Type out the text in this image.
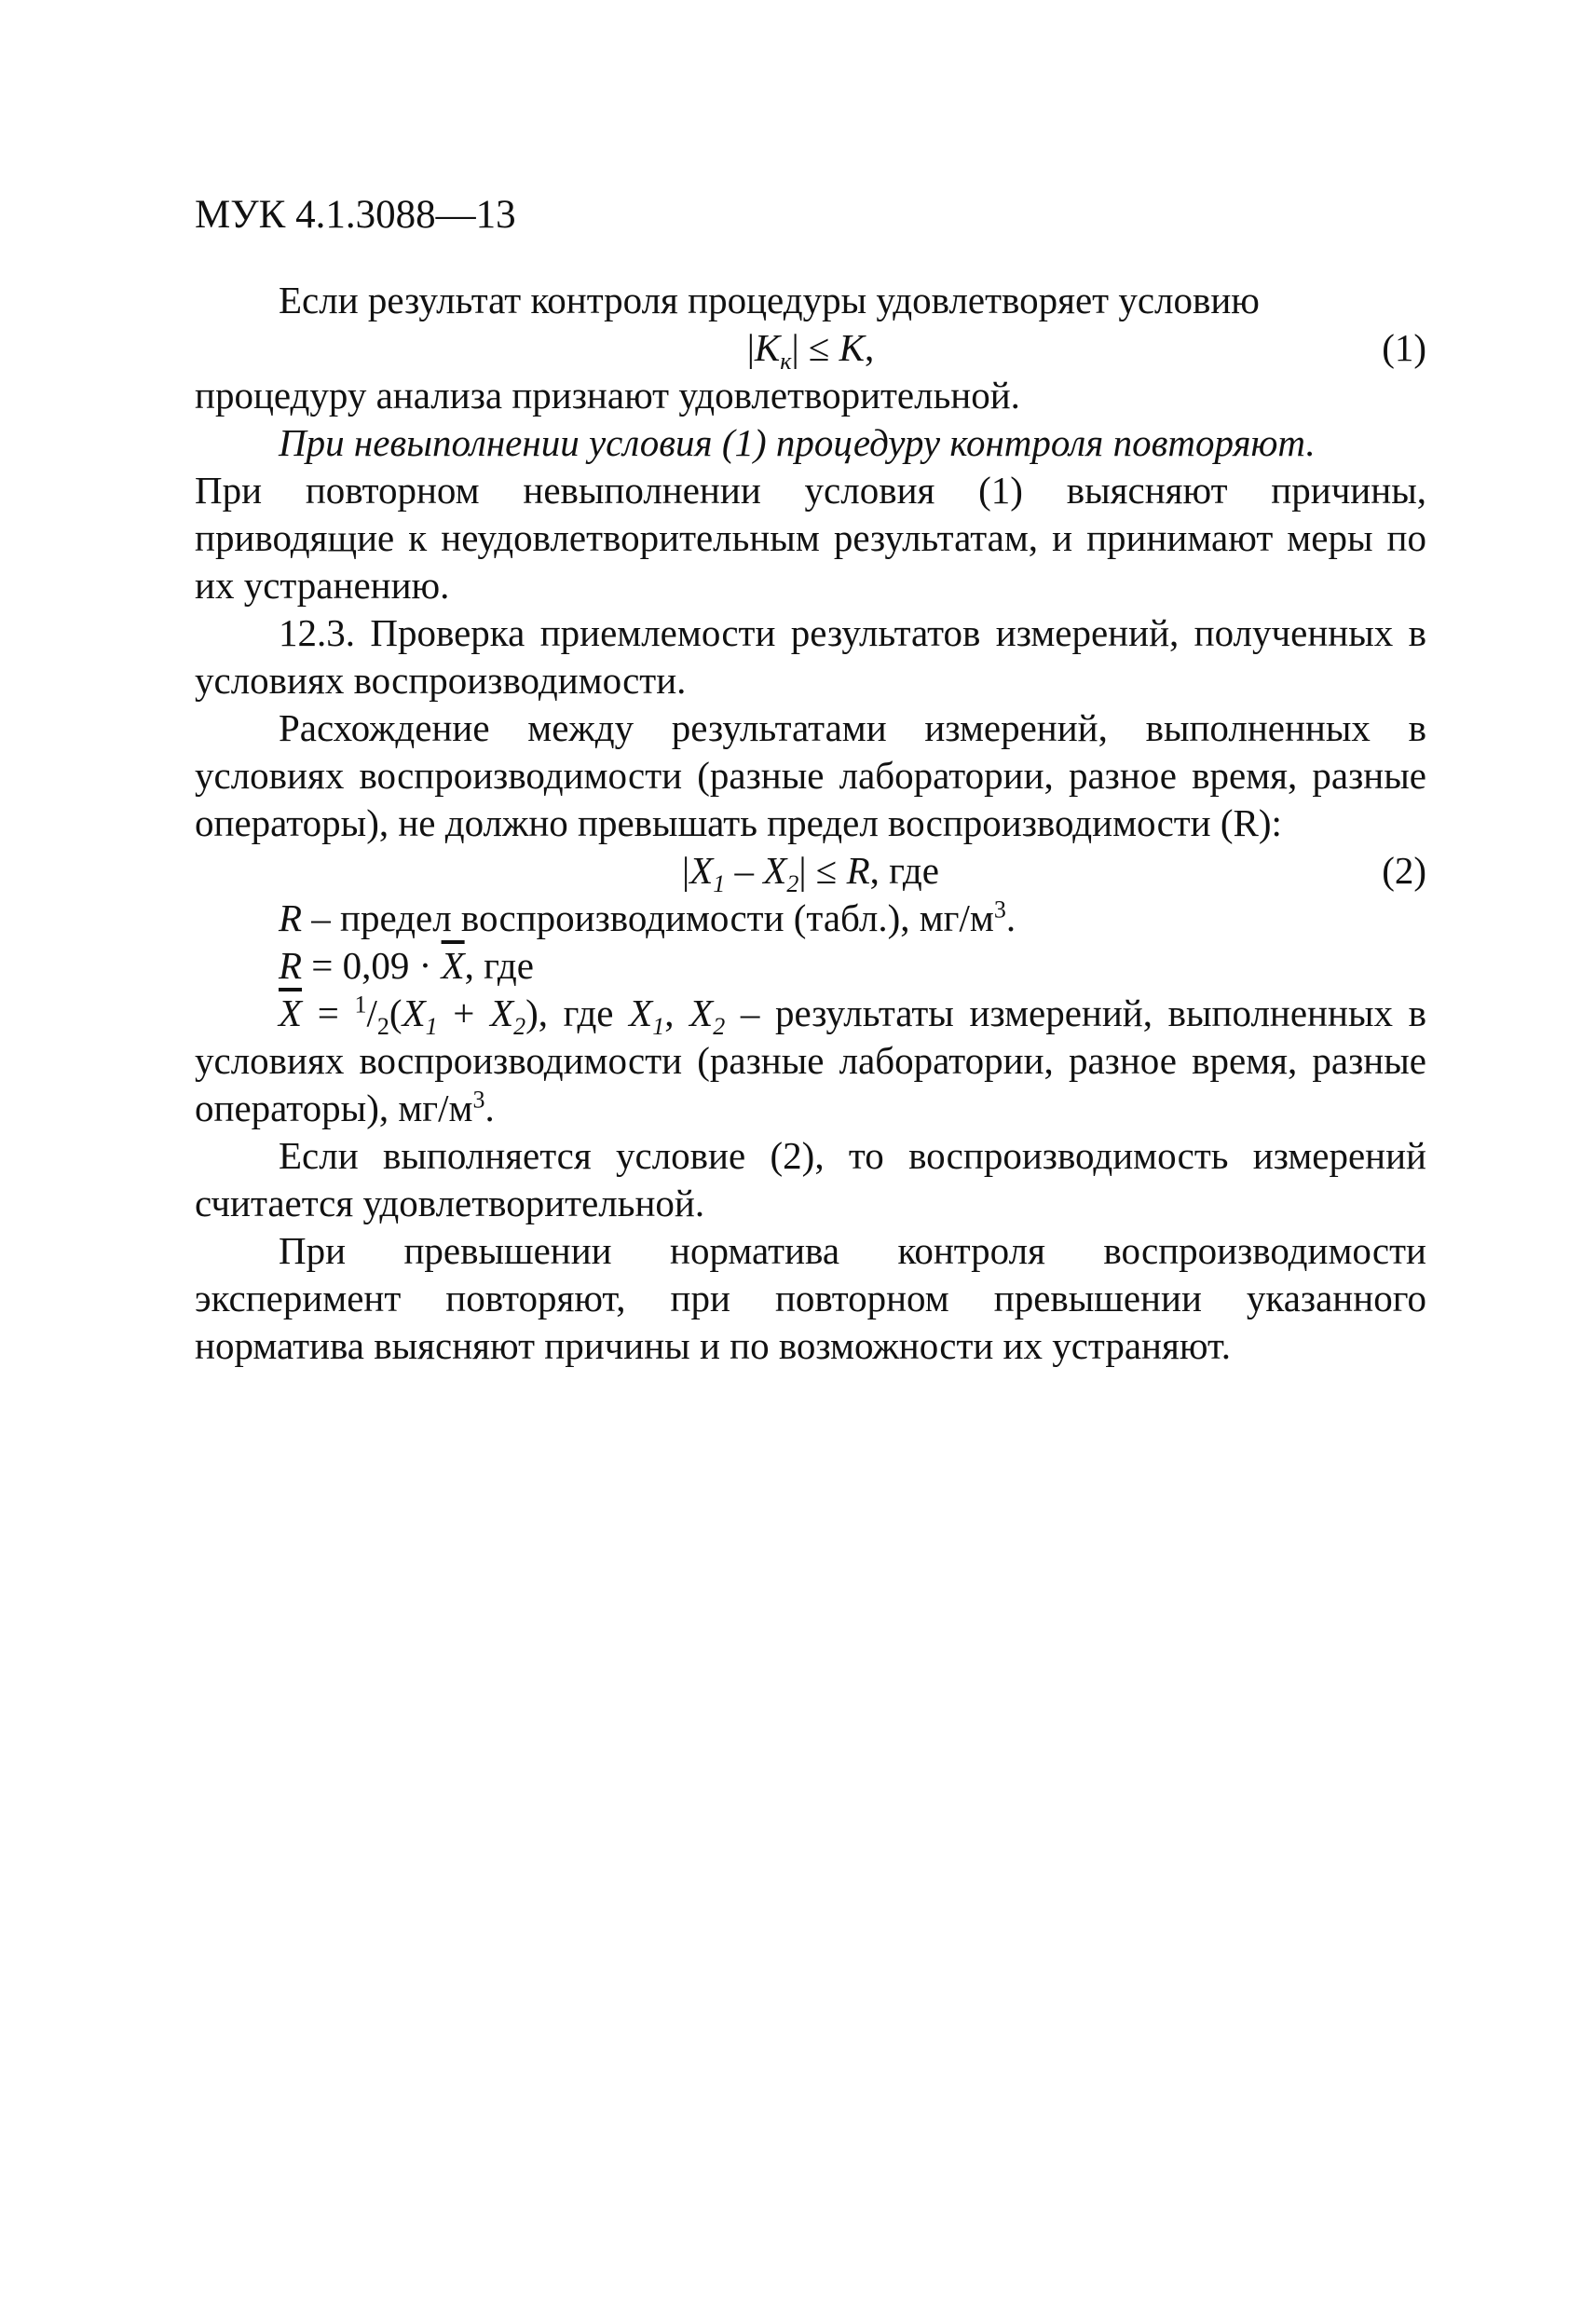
МУК 4.1.3088—13

Если результат контроля процедуры удовлетворяет условию

$|K_к| \le K$,	(1)

процедуру анализа признают удовлетворительной.

При невыполнении условия (1) процедуру контроля повторяют.

При повторном невыполнении условия (1) выясняют причины, приводящие к неудовлетворительным результатам, и принимают меры по их устранению.

12.3. Проверка приемлемости результатов измерений, полученных в условиях воспроизводимости.

Расхождение между результатами измерений, выполненных в условиях воспроизводимости (разные лаборатории, разное время, разные операторы), не должно превышать предел воспроизводимости (R):

$|X_1 - X_2| \le R$, где	(2)
R – предел воспроизводимости (табл.), $мг/м^3$.
$R = 0,09 \cdot \overline{X}$, где

$\overline{X} = ^1/_2(X_1 + X_2)$, где $X_1$, $X_2$ – результаты измерений, выполненных в условиях воспроизводимости (разные лаборатории, разное время, разные операторы), $мг/м^3$.

Если выполняется условие (2), то воспроизводимость измерений считается удовлетворительной.

При превышении норматива контроля воспроизводимости эксперимент повторяют, при повторном превышении указанного норматива выясняют причины и по возможности их устраняют.
